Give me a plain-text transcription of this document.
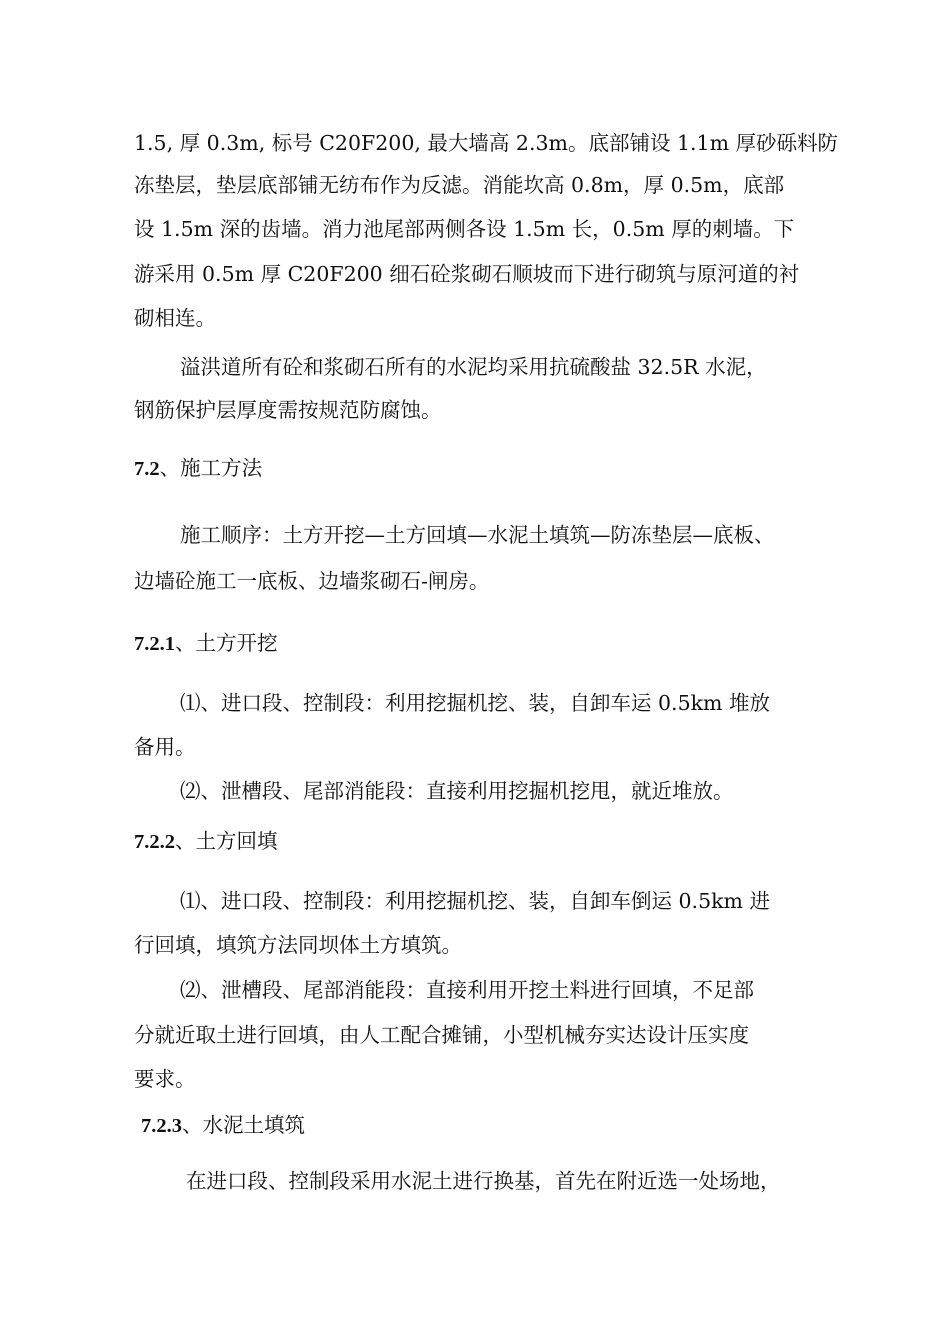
1.5, 厚 0.3m, 标号 C20F200, 最大墙高 2.3m。底部铺设 1.1m 厚砂砾料防

冻垫层，垫层底部铺无纺布作为反滤。消能坎高 0.8m，厚 0.5m，底部

设 1.5m 深的齿墙。消力池尾部两侧各设 1.5m 长，0.5m 厚的刺墙。下

游采用 0.5m 厚 C20F200 细石砼浆砌石顺坡而下进行砌筑与原河道的衬

砌相连。

溢洪道所有砼和浆砌石所有的水泥均采用抗硫酸盐 32.5R 水泥，

钢筋保护层厚度需按规范防腐蚀。

7.2、施工方法

施工顺序：土方开挖—土方回填—水泥土填筑—防冻垫层—底板、

边墙砼施工一底板、边墙浆砌石-闸房。

7.2.1、土方开挖

⑴、进口段、控制段：利用挖掘机挖、装，自卸车运 0.5km 堆放

备用。

⑵、泄槽段、尾部消能段：直接利用挖掘机挖甩，就近堆放。

7.2.2、土方回填

⑴、进口段、控制段：利用挖掘机挖、装，自卸车倒运 0.5km 进

行回填，填筑方法同坝体土方填筑。

⑵、泄槽段、尾部消能段：直接利用开挖土料进行回填，不足部

分就近取土进行回填，由人工配合摊铺，小型机械夯实达设计压实度

要求。

7.2.3、水泥土填筑

在进口段、控制段采用水泥土进行换基，首先在附近选一处场地，
